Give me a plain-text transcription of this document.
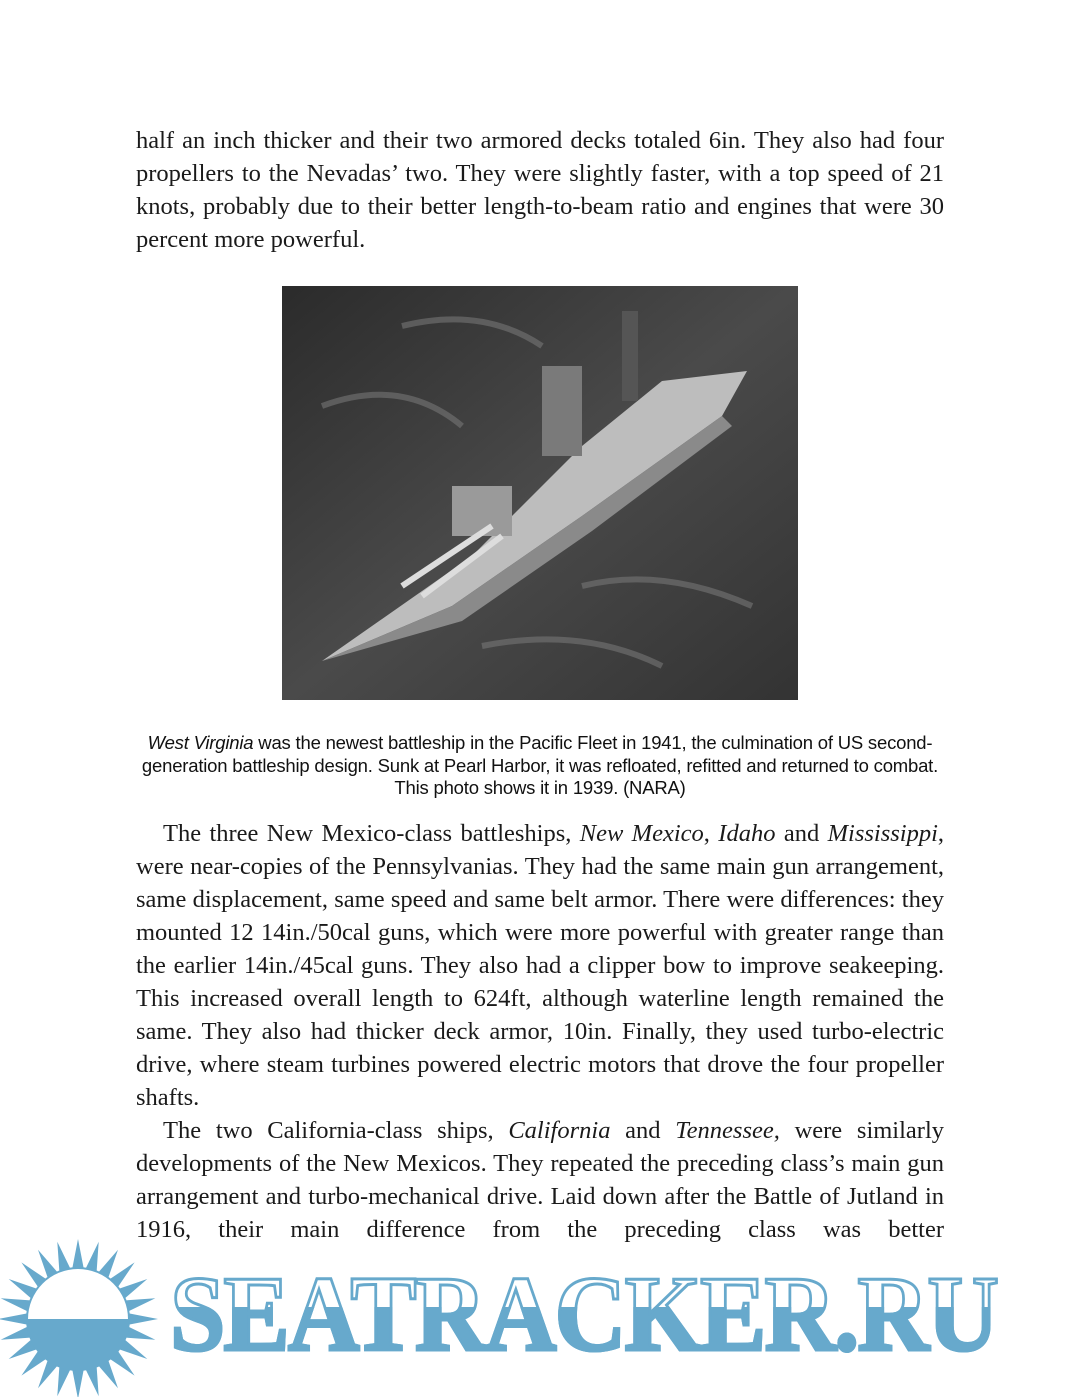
half an inch thicker and their two armored decks totaled 6in. They also had four propellers to the Nevadas’ two. They were slightly faster, with a top speed of 21 knots, probably due to their better length-to-beam ratio and engines that were 30 percent more powerful.

West Virginia was the newest battleship in the Pacific Fleet in 1941, the culmination of US second-generation battleship design. Sunk at Pearl Harbor, it was refloated, refitted and returned to combat. This photo shows it in 1939. (NARA)

The three New Mexico-class battleships, New Mexico, Idaho and Mississippi, were near-copies of the Pennsylvanias. They had the same main gun arrangement, same displacement, same speed and same belt armor. There were differences: they mounted 12 14in./50cal guns, which were more powerful with greater range than the earlier 14in./45cal guns. They also had a clipper bow to improve seakeeping. This increased overall length to 624ft, although waterline length remained the same. They also had thicker deck armor, 10in. Finally, they used turbo-electric drive, where steam turbines powered electric motors that drove the four propeller shafts.

The two California-class ships, California and Tennessee, were similarly developments of the New Mexicos. They repeated the preceding class’s main gun arrangement and turbo-mechanical drive. Laid down after the Battle of Jutland in 1916, their main difference from the preceding class was better

SEATRACKER.RU
